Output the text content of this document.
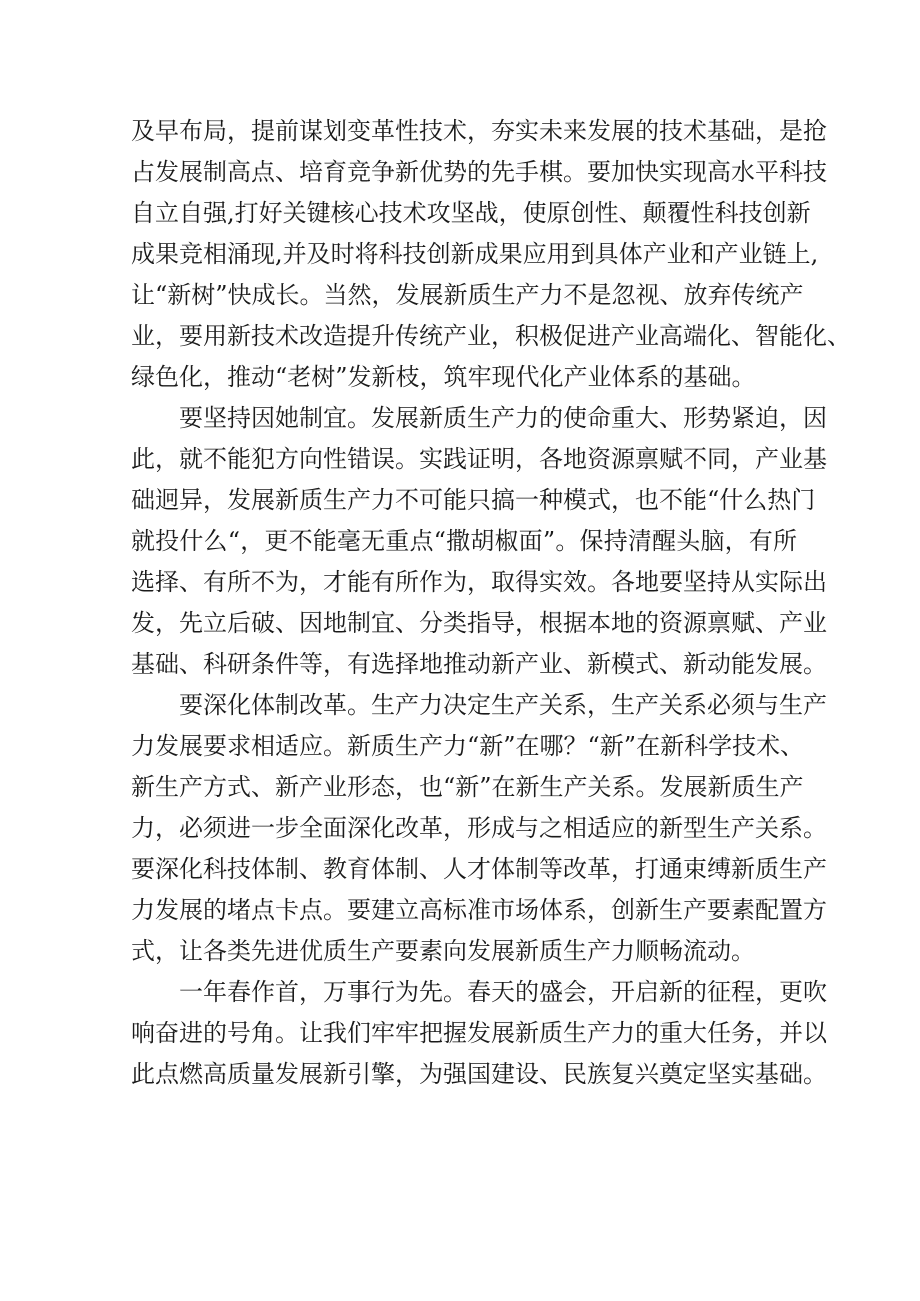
及早布局，提前谋划变革性技术，夯实未来发展的技术基础，是抢
占发展制高点、培育竞争新优势的先手棋。要加快实现高水平科技
自立自强,打好关键核心技术攻坚战，使原创性、颠覆性科技创新
成果竞相涌现,并及时将科技创新成果应用到具体产业和产业链上,
让“新树”快成长。当然，发展新质生产力不是忽视、放弃传统产
业，要用新技术改造提升传统产业，积极促进产业高端化、智能化、
绿色化，推动“老树”发新枝，筑牢现代化产业体系的基础。
要坚持因她制宜。发展新质生产力的使命重大、形势紧迫，因
此，就不能犯方向性错误。实践证明，各地资源禀赋不同，产业基
础迥异，发展新质生产力不可能只搞一种模式，也不能“什么热门
就投什么“，更不能毫无重点“撒胡椒面”。保持清醒头脑，有所
选择、有所不为，才能有所作为，取得实效。各地要坚持从实际出
发，先立后破、因地制宜、分类指导，根据本地的资源禀赋、产业
基础、科研条件等，有选择地推动新产业、新模式、新动能发展。
要深化体制改革。生产力决定生产关系，生产关系必须与生产
力发展要求相适应。新质生产力“新”在哪？“新”在新科学技术、
新生产方式、新产业形态，也“新”在新生产关系。发展新质生产
力，必须进一步全面深化改革，形成与之相适应的新型生产关系。
要深化科技体制、教育体制、人才体制等改革，打通束缚新质生产
力发展的堵点卡点。要建立高标准市场体系，创新生产要素配置方
式，让各类先进优质生产要素向发展新质生产力顺畅流动。
一年春作首，万事行为先。春天的盛会，开启新的征程，更吹
响奋进的号角。让我们牢牢把握发展新质生产力的重大任务，并以
此点燃高质量发展新引擎，为强国建设、民族复兴奠定坚实基础。
